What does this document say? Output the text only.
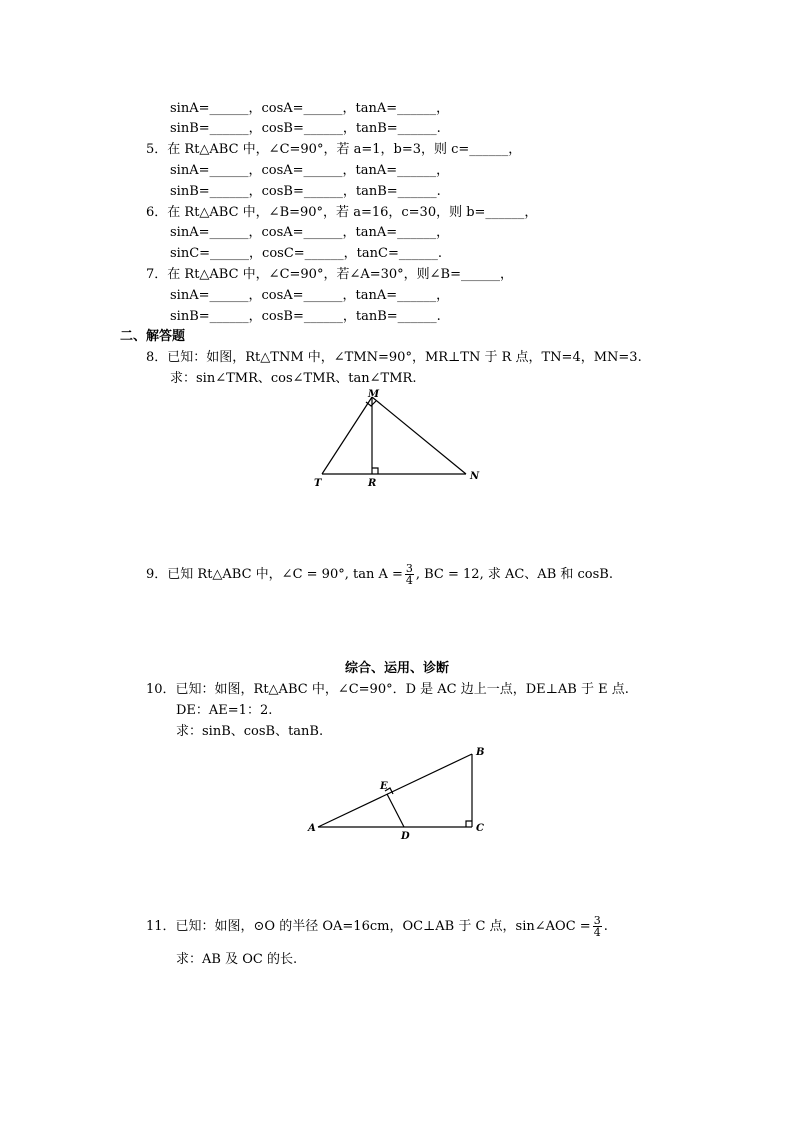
sinA=______，cosA=______，tanA=______，
sinB=______，cosB=______，tanB=______.
5．在 Rt△ABC 中，∠C=90°，若 a=1，b=3，则 c=______，
sinA=______，cosA=______，tanA=______，
sinB=______，cosB=______，tanB=______.
6．在 Rt△ABC 中，∠B=90°，若 a=16，c=30，则 b=______，
sinA=______，cosA=______，tanA=______，
sinC=______，cosC=______，tanC=______.
7．在 Rt△ABC 中，∠C=90°，若∠A=30°，则∠B=______，
sinA=______，cosA=______，tanA=______，
sinB=______，cosB=______，tanB=______.
二、解答题
8．已知：如图，Rt△TNM 中，∠TMN=90°，MR⊥TN 于 R 点，TN=4，MN=3.
求：sin∠TMR、cos∠TMR、tan∠TMR.
M
T	R
N
9．已知 Rt△ABC 中，∠C = 90°, $\tan A = \frac{3}{4}$ , BC = 12, 求 AC、AB 和 cosB.
综合、运用、诊断
10．已知：如图，Rt△ABC 中，∠C=90°．D 是 AC 边上一点，DE⊥AB 于 E 点.
DE：AE=1：2.
求：sinB、cosB、tanB.
A
B
C
D
E
11．已知：如图，⊙O 的半径 OA=16cm，OC⊥AB 于 C 点，sin∠AOC = $\frac{3}{4}$ .
求：AB 及 OC 的长.
